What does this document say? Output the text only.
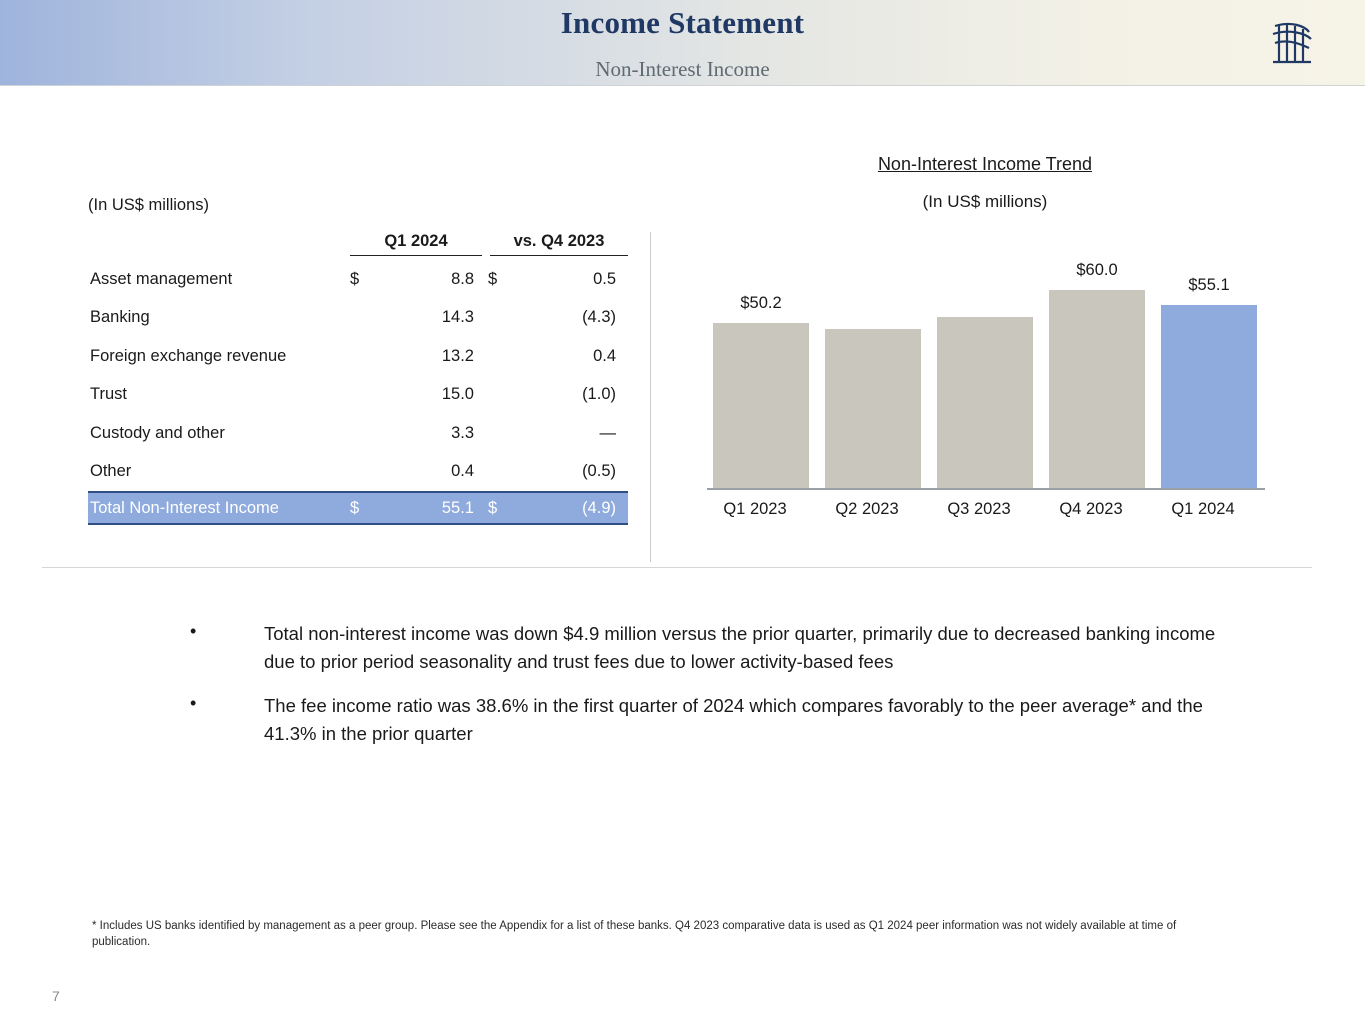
Income Statement
Non-Interest Income
(In US$ millions)
Q1 2024	vs. Q4 2023
Asset management	$	8.8 $	0.5
Banking	14.3	(4.3)
Foreign exchange revenue	13.2	0.4
Trust	15.0	(1.0)
Custody and other	3.3	—
Other	0.4	(0.5)
Total Non-Interest Income	$	55.1 $	(4.9)
Non-Interest Income Trend
(In US$ millions)
$50.2
$60.0
$55.1
Q1 2023	Q2 2023	Q3 2023	Q4 2023	Q1 2024
•	Total non-interest income was down $4.9 million versus the prior quarter, primarily due to decreased banking income due to prior period seasonality and trust fees due to lower activity-based fees
•	The fee income ratio was 38.6% in the first quarter of 2024 which compares favorably to the peer average* and the 41.3% in the prior quarter
* Includes US banks identified by management as a peer group. Please see the Appendix for a list of these banks. Q4 2023 comparative data is used as Q1 2024 peer information was not widely available at time of publication.
7
